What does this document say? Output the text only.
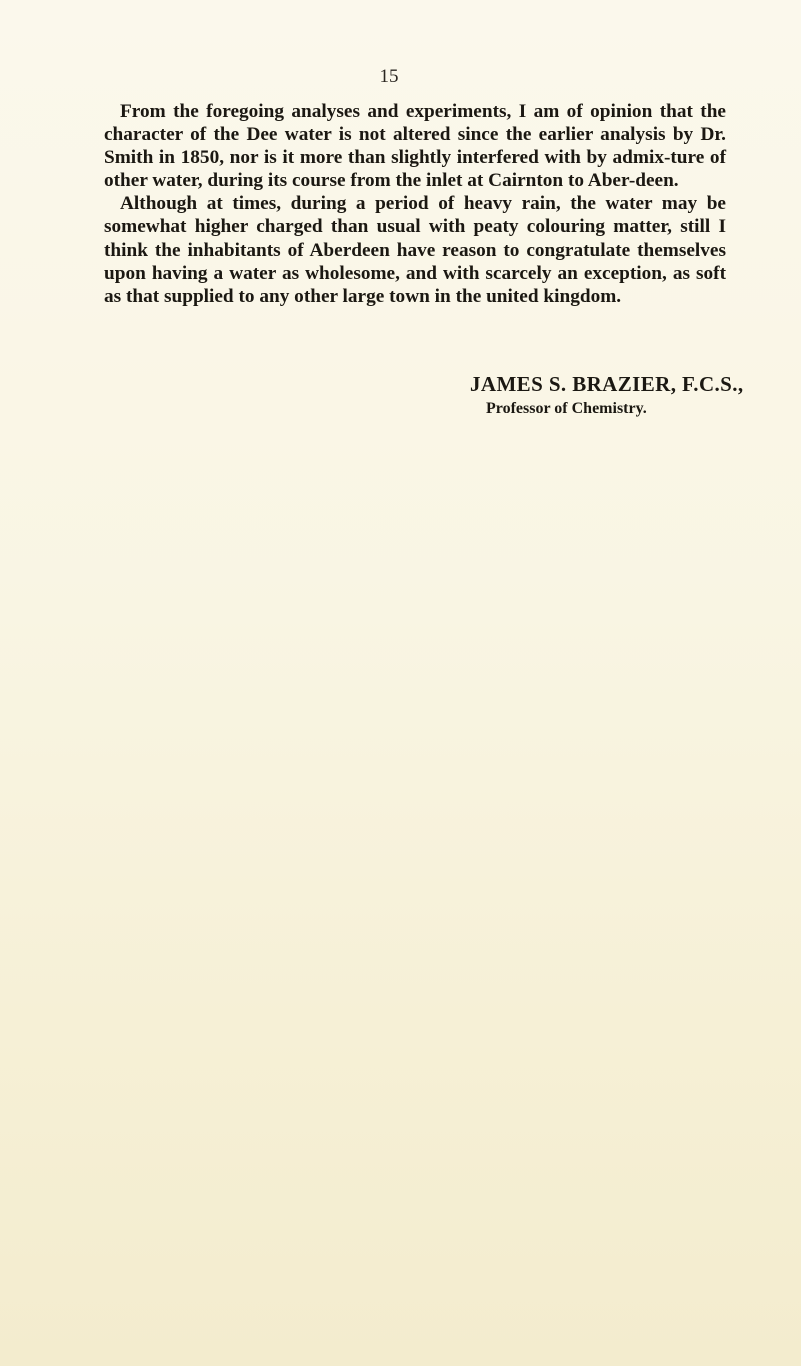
15

From the foregoing analyses and experiments, I am of opinion that the character of the Dee water is not altered since the earlier analysis by Dr. Smith in 1850, nor is it more than slightly interfered with by admix-ture of other water, during its course from the inlet at Cairnton to Aber-deen.

Although at times, during a period of heavy rain, the water may be somewhat higher charged than usual with peaty colouring matter, still I think the inhabitants of Aberdeen have reason to congratulate themselves upon having a water as wholesome, and with scarcely an exception, as soft as that supplied to any other large town in the united kingdom.

JAMES S. BRAZIER, F.C.S.,
Professor of Chemistry.
